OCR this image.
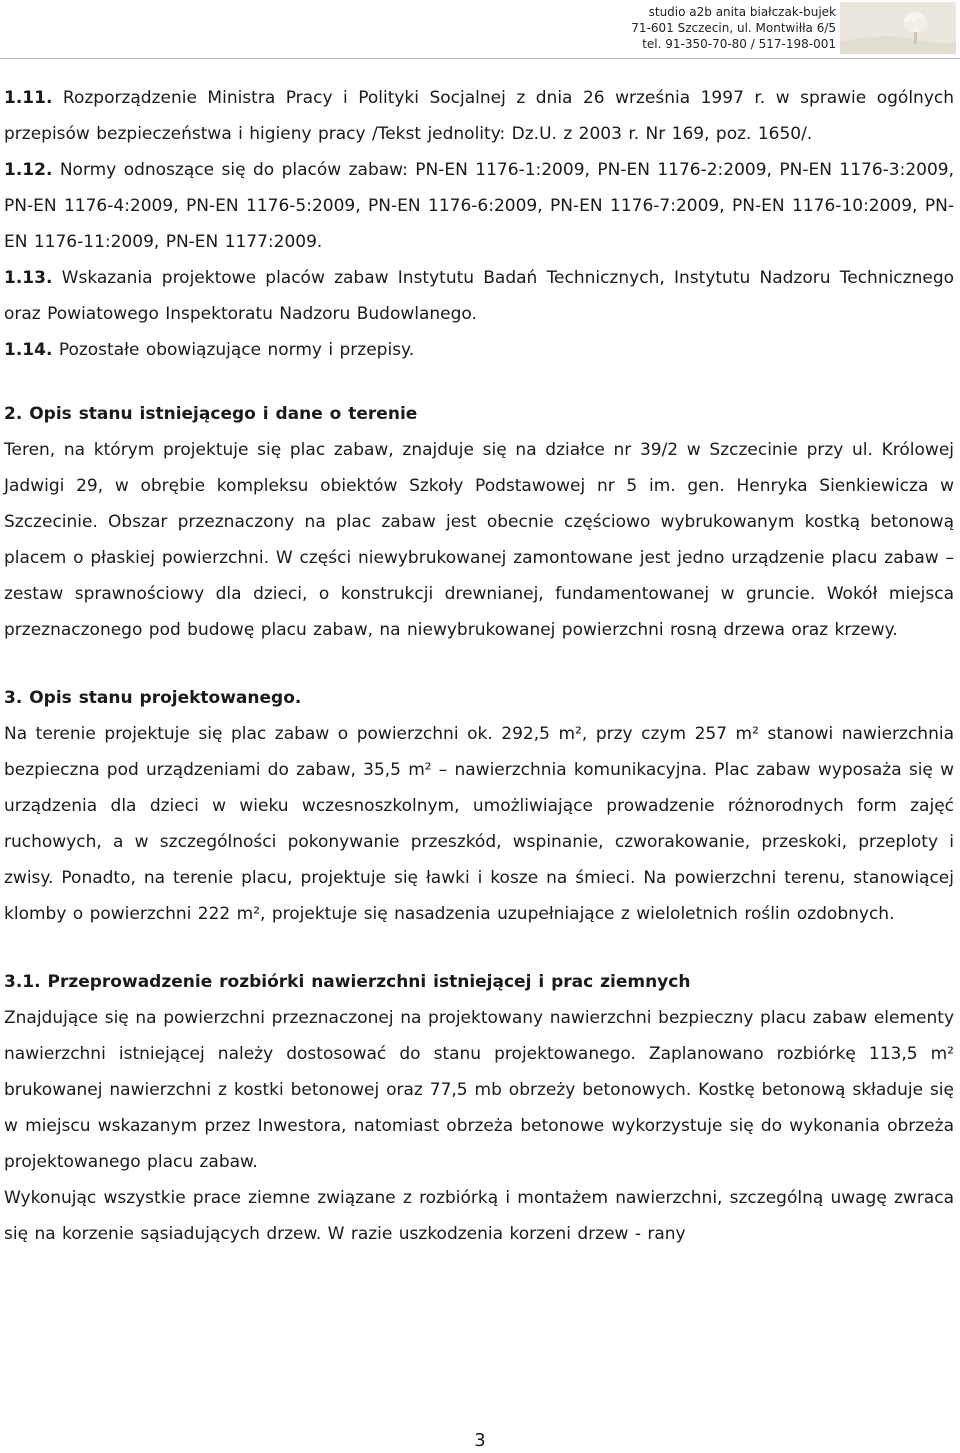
studio a2b anita białczak-bujek
71-601 Szczecin, ul. Montwiłła 6/5
tel. 91-350-70-80 / 517-198-001

1.11. Rozporządzenie Ministra Pracy i Polityki Socjalnej z dnia 26 września 1997 r. w sprawie ogólnych przepisów bezpieczeństwa i higieny pracy /Tekst jednolity: Dz.U. z 2003 r. Nr 169, poz. 1650/.

1.12. Normy odnoszące się do placów zabaw: PN-EN 1176-1:2009, PN-EN 1176-2:2009, PN-EN 1176-3:2009, PN-EN 1176-4:2009, PN-EN 1176-5:2009, PN-EN 1176-6:2009, PN-EN 1176-7:2009, PN-EN 1176-10:2009, PN-EN 1176-11:2009, PN-EN 1177:2009.

1.13. Wskazania projektowe placów zabaw Instytutu Badań Technicznych, Instytutu Nadzoru Technicznego oraz Powiatowego Inspektoratu Nadzoru Budowlanego.

1.14. Pozostałe obowiązujące normy i przepisy.

2. Opis stanu istniejącego i dane o terenie

Teren, na którym projektuje się plac zabaw, znajduje się na działce nr 39/2 w Szczecinie przy ul. Królowej Jadwigi 29, w obrębie kompleksu obiektów Szkoły Podstawowej nr 5 im. gen. Henryka Sienkiewicza w Szczecinie. Obszar przeznaczony na plac zabaw jest obecnie częściowo wybrukowanym kostką betonową placem o płaskiej powierzchni. W części niewybrukowanej zamontowane jest jedno urządzenie placu zabaw – zestaw sprawnościowy dla dzieci, o konstrukcji drewnianej, fundamentowanej w gruncie. Wokół miejsca przeznaczonego pod budowę placu zabaw, na niewybrukowanej powierzchni rosną drzewa oraz krzewy.

3. Opis stanu projektowanego.

Na terenie projektuje się plac zabaw o powierzchni ok. 292,5 m², przy czym 257 m² stanowi nawierzchnia bezpieczna pod urządzeniami do zabaw, 35,5 m² – nawierzchnia komunikacyjna. Plac zabaw wyposaża się w urządzenia dla dzieci w wieku wczesnoszkolnym, umożliwiające prowadzenie różnorodnych form zajęć ruchowych, a w szczególności pokonywanie przeszkód, wspinanie, czworakowanie, przeskoki, przeploty i zwisy. Ponadto, na terenie placu, projektuje się ławki i kosze na śmieci. Na powierzchni terenu, stanowiącej klomby o powierzchni 222 m², projektuje się nasadzenia uzupełniające z wieloletnich roślin ozdobnych.

3.1. Przeprowadzenie rozbiórki nawierzchni istniejącej i prac ziemnych

Znajdujące się na powierzchni przeznaczonej na projektowany nawierzchni bezpieczny placu zabaw elementy nawierzchni istniejącej należy dostosować do stanu projektowanego. Zaplanowano rozbiórkę 113,5 m² brukowanej nawierzchni z kostki betonowej oraz 77,5 mb obrzeży betonowych. Kostkę betonową składuje się w miejscu wskazanym przez Inwestora, natomiast obrzeża betonowe wykorzystuje się do wykonania obrzeża projektowanego placu zabaw.

Wykonując wszystkie prace ziemne związane z rozbiórką i montażem nawierzchni, szczególną uwagę zwraca się na korzenie sąsiadujących drzew. W razie uszkodzenia korzeni drzew - rany

3
